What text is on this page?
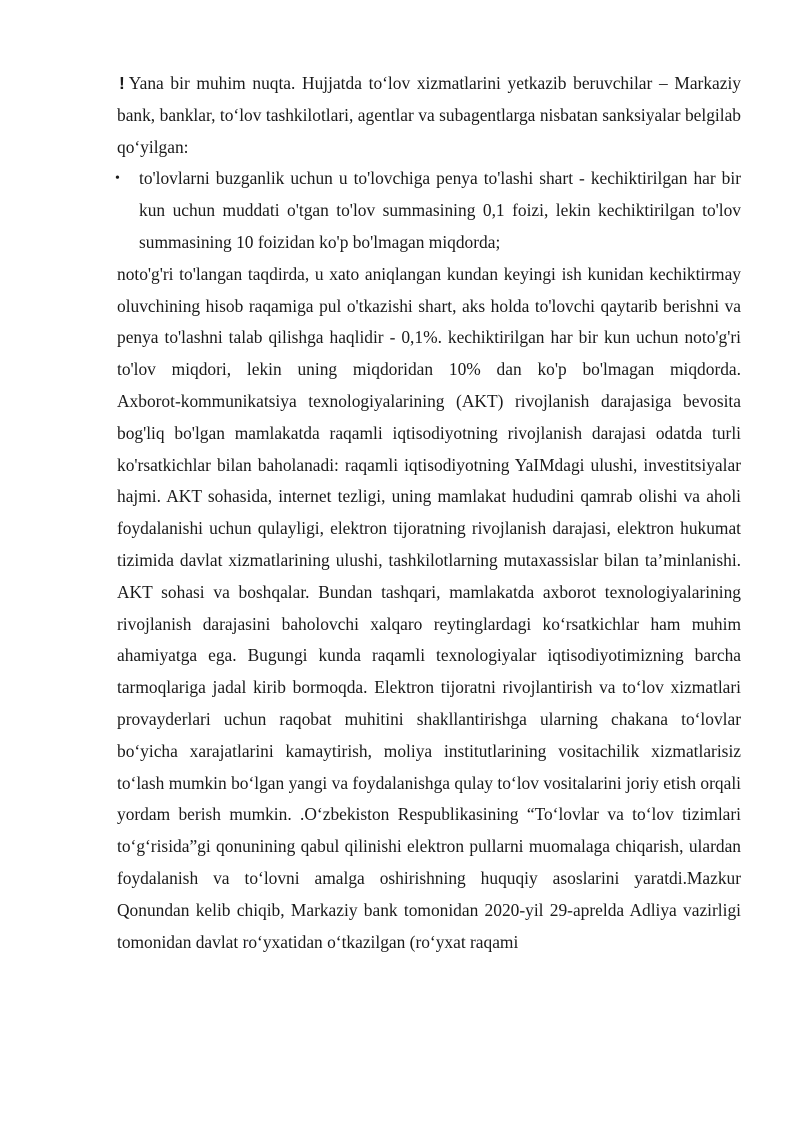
! Yana bir muhim nuqta. Hujjatda to‘lov xizmatlarini yetkazib beruvchilar – Markaziy bank, banklar, to‘lov tashkilotlari, agentlar va subagentlarga nisbatan sanksiyalar belgilab qo‘yilgan:

• to'lovlarni buzganlik uchun u to'lovchiga penya to'lashi shart - kechiktirilgan har bir kun uchun muddati o'tgan to'lov summasining 0,1 foizi, lekin kechiktirilgan to'lov summasining 10 foizidan ko'p bo'lmagan miqdorda;

noto'g'ri to'langan taqdirda, u xato aniqlangan kundan keyingi ish kunidan kechiktirmay oluvchining hisob raqamiga pul o'tkazishi shart, aks holda to'lovchi qaytarib berishni va penya to'lashni talab qilishga haqlidir - 0,1%. kechiktirilgan har bir kun uchun noto'g'ri to'lov miqdori, lekin uning miqdoridan 10% dan ko'p bo'lmagan miqdorda.

Axborot-kommunikatsiya texnologiyalarining (AKT) rivojlanish darajasiga bevosita bog'liq bo'lgan mamlakatda raqamli iqtisodiyotning rivojlanish darajasi odatda turli ko'rsatkichlar bilan baholanadi: raqamli iqtisodiyotning YaIMdagi ulushi, investitsiyalar hajmi. AKT sohasida, internet tezligi, uning mamlakat hududini qamrab olishi va aholi foydalanishi uchun qulayligi, elektron tijoratning rivojlanish darajasi, elektron hukumat tizimida davlat xizmatlarining ulushi, tashkilotlarning mutaxassislar bilan ta’minlanishi. AKT sohasi va boshqalar. Bundan tashqari, mamlakatda axborot texnologiyalarining rivojlanish darajasini baholovchi xalqaro reytinglardagi ko‘rsatkichlar ham muhim ahamiyatga ega. Bugungi kunda raqamli texnologiyalar iqtisodiyotimizning barcha tarmoqlariga jadal kirib bormoqda. Elektron tijoratni rivojlantirish va to‘lov xizmatlari provayderlari uchun raqobat muhitini shakllantirishga ularning chakana to‘lovlar bo‘yicha xarajatlarini kamaytirish, moliya institutlarining vositachilik xizmatlarisiz to‘lash mumkin bo‘lgan yangi va foydalanishga qulay to‘lov vositalarini joriy etish orqali yordam berish mumkin. .O‘zbekiston Respublikasining “To‘lovlar va to‘lov tizimlari to‘g‘risida”gi qonunining qabul qilinishi elektron pullarni muomalaga chiqarish, ulardan foydalanish va to‘lovni amalga oshirishning huquqiy asoslarini yaratdi.Mazkur Qonundan kelib chiqib, Markaziy bank tomonidan 2020-yil 29-aprelda Adliya vazirligi tomonidan davlat ro‘yxatidan o‘tkazilgan (ro‘yxat raqami
